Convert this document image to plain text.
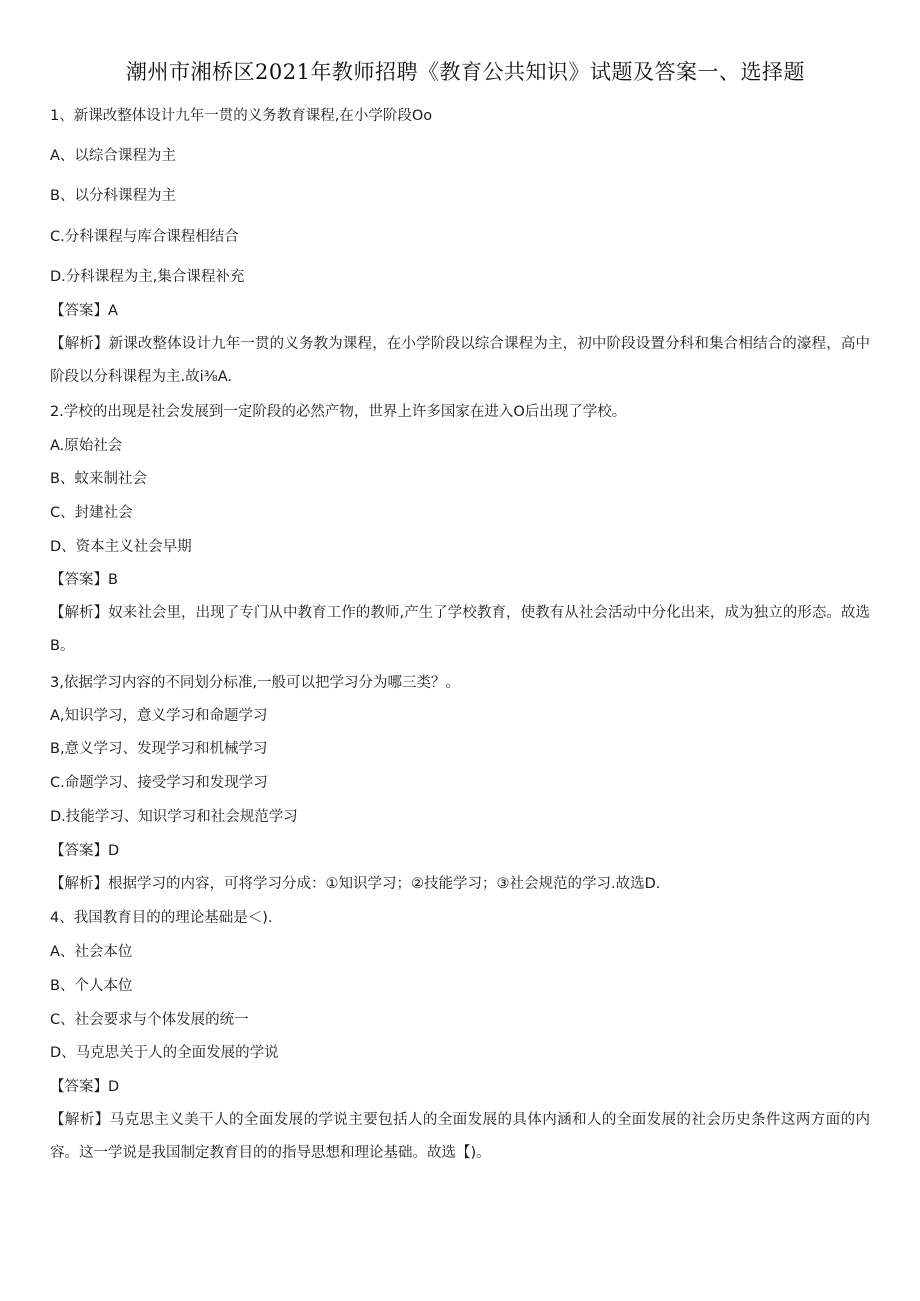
潮州市湘桥区2021年教师招聘《教育公共知识》试题及答案一、选择题
1、新课改整体设计九年一贯的义务教育课程,在小学阶段Oo
A、以综合课程为主
B、以分科课程为主
C.分科课程与库合课程相结合
D.分科课程为主,集合课程补充
【答案】A
【解析】新课改整体设计九年一贯的义务教为课程，在小学阶段以综合课程为主，初中阶段设置分科和集合相结合的濠程，高中阶段以分科课程为主.故i⅜A.
2.学校的出现是社会发展到一定阶段的必然产物，世界上许多国家在进入O后出现了学校。
A.原始社会
B、蚊来制社会
C、封建社会
D、资本主义社会早期
【答案】B
【解析】奴来社会里，出现了专门从中教育工作的教师,产生了学校教育，使教有从社会活动中分化出来，成为独立的形态。故选B。
3,依据学习内容的不同划分标准,一般可以把学习分为哪三类？。
A,知识学习，意义学习和命题学习
B,意义学习、发现学习和机械学习
C.命题学习、接受学习和发现学习
D.技能学习、知识学习和社会规范学习
【答案】D
【解析】根据学习的内容，可将学习分成：①知识学习；②技能学习；③社会规范的学习.故选D.
4、我国教育目的的理论基础是＜).
A、社会本位
B、个人本位
C、社会要求与个体发展的统一
D、马克思关于人的全面发展的学说
【答案】D
【解析】马克思主义美干人的全面发展的学说主要包括人的全面发展的具体内涵和人的全面发展的社会历史条件这两方面的内容。这一学说是我国制定教育目的的指导思想和理论基础。故选【)。
